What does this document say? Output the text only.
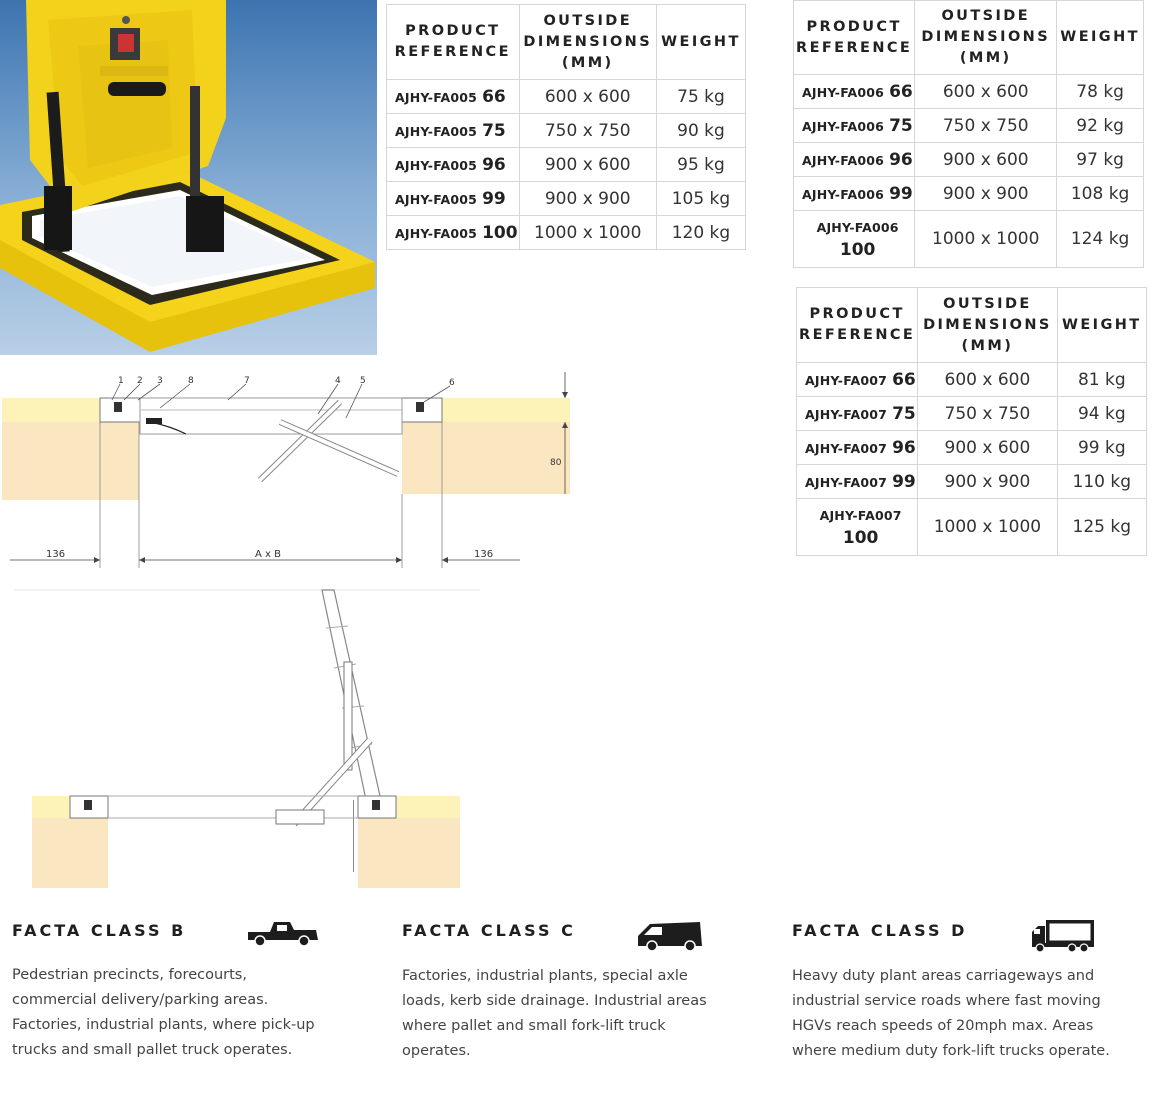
PRODUCT REFERENCE	OUTSIDE DIMENSIONS (MM)	WEIGHT
AJHY-FA005 66	600 x 600	75 kg
AJHY-FA005 75	750 x 750	90 kg
AJHY-FA005 96	900 x 600	95 kg
AJHY-FA005 99	900 x 900	105 kg
AJHY-FA005 100	1000 x 1000	120 kg
PRODUCT REFERENCE	OUTSIDE DIMENSIONS (MM)	WEIGHT
AJHY-FA006 66	600 x 600	78 kg
AJHY-FA006 75	750 x 750	92 kg
AJHY-FA006 96	900 x 600	97 kg
AJHY-FA006 99	900 x 900	108 kg
AJHY-FA006
100	1000 x 1000	124 kg
PRODUCT REFERENCE	OUTSIDE DIMENSIONS (MM)	WEIGHT
AJHY-FA007 66	600 x 600	81 kg
AJHY-FA007 75	750 x 750	94 kg
AJHY-FA007 96	900 x 600	99 kg
AJHY-FA007 99	900 x 900	110 kg
AJHY-FA007
100	1000 x 1000	125 kg
1 2 3	8	7	4 5	6
80
136	A x B	136
FACTA CLASS B
Pedestrian precincts, forecourts, commercial delivery/parking areas. Factories, industrial plants, where pick-up trucks and small pallet truck operates.
FACTA CLASS C
Factories, industrial plants, special axle loads, kerb side drainage. Industrial areas where pallet and small fork-lift truck operates.
FACTA CLASS D
Heavy duty plant areas carriageways and industrial service roads where fast moving HGVs reach speeds of 20mph max. Areas where medium duty fork-lift trucks operate.
